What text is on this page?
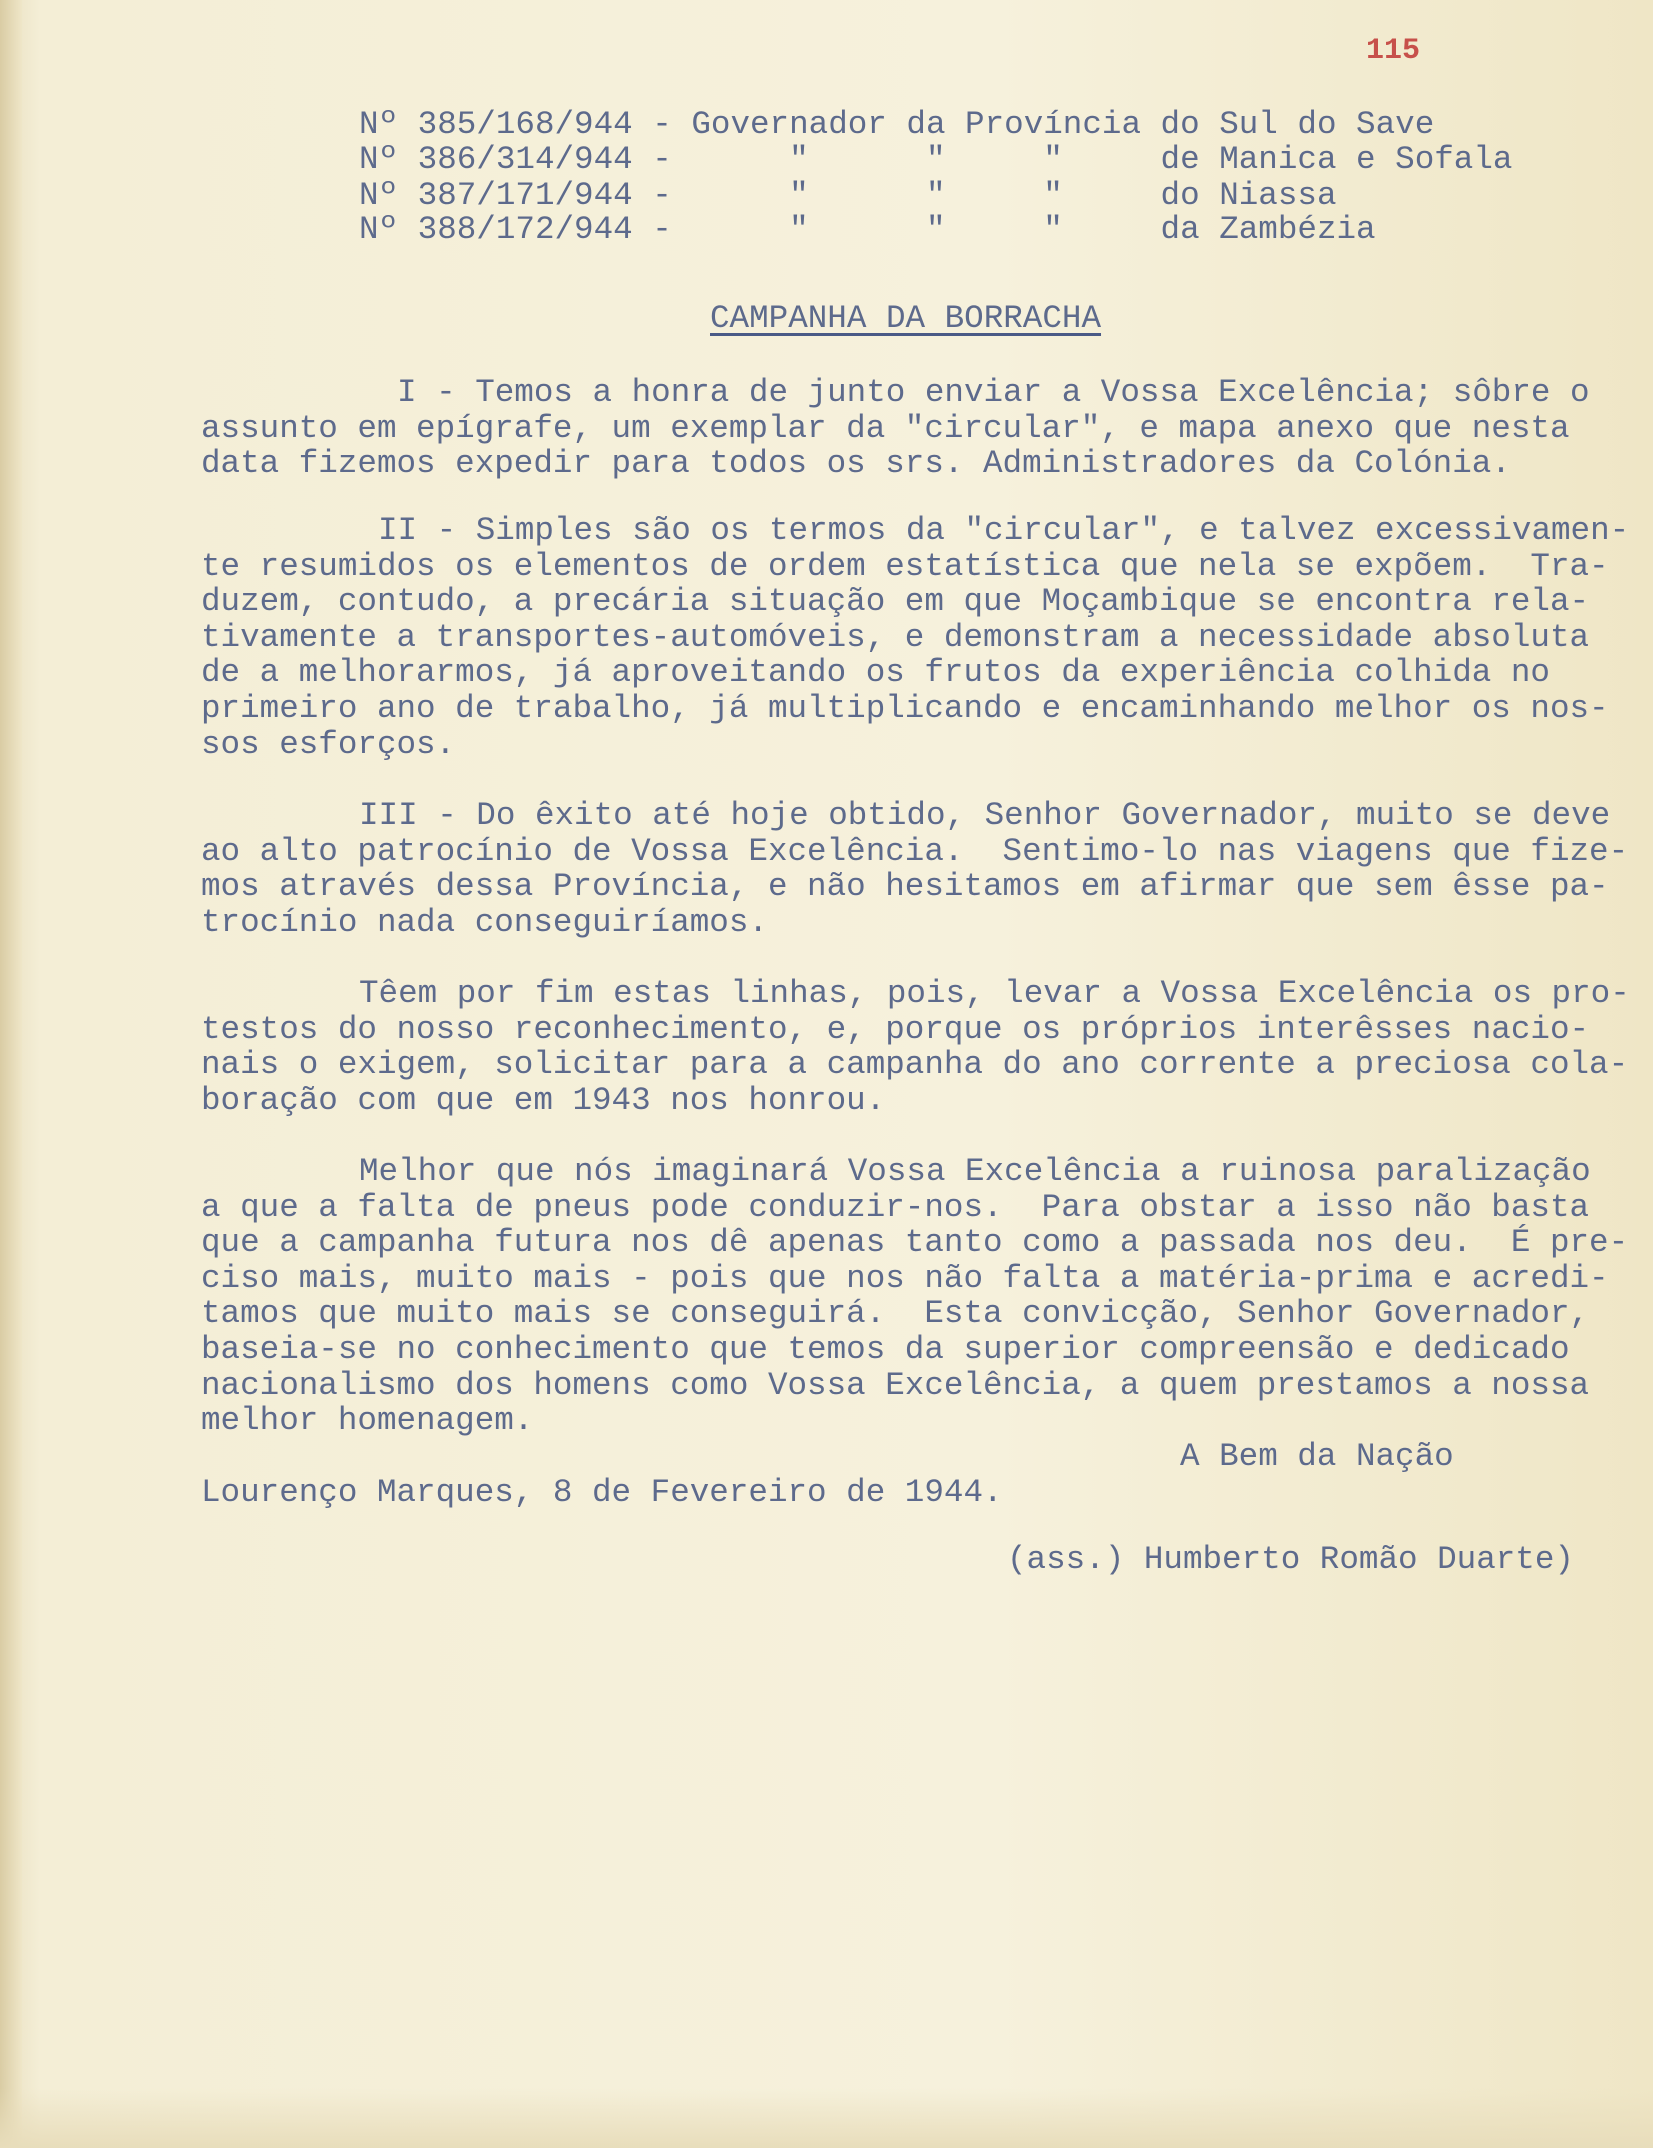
115
Nº 385/168/944 - Governador da Província do Sul do Save
Nº 386/314/944 -      "      "     "     de Manica e Sofala
Nº 387/171/944 -      "      "     "     do Niassa
Nº 388/172/944 -      "      "     "     da Zambézia
CAMPANHA DA BORRACHA
I - Temos a honra de junto enviar a Vossa Excelência; sôbre o
assunto em epígrafe, um exemplar da "circular", e mapa anexo que nesta
data fizemos expedir para todos os srs. Administradores da Colónia.
II - Simples são os termos da "circular", e talvez excessivamen-
te resumidos os elementos de ordem estatística que nela se expõem.  Tra-
duzem, contudo, a precária situação em que Moçambique se encontra rela-
tivamente a transportes-automóveis, e demonstram a necessidade absoluta
de a melhorarmos, já aproveitando os frutos da experiência colhida no
primeiro ano de trabalho, já multiplicando e encaminhando melhor os nos-
sos esforços.
III - Do êxito até hoje obtido, Senhor Governador, muito se deve
ao alto patrocínio de Vossa Excelência.  Sentimo-lo nas viagens que fize-
mos através dessa Província, e não hesitamos em afirmar que sem êsse pa-
trocínio nada conseguiríamos.
Têem por fim estas linhas, pois, levar a Vossa Excelência os pro-
testos do nosso reconhecimento, e, porque os próprios interêsses nacio-
nais o exigem, solicitar para a campanha do ano corrente a preciosa cola-
boração com que em 1943 nos honrou.
Melhor que nós imaginará Vossa Excelência a ruinosa paralização
a que a falta de pneus pode conduzir-nos.  Para obstar a isso não basta
que a campanha futura nos dê apenas tanto como a passada nos deu.  É pre-
ciso mais, muito mais - pois que nos não falta a matéria-prima e acredi-
tamos que muito mais se conseguirá.  Esta convicção, Senhor Governador,
baseia-se no conhecimento que temos da superior compreensão e dedicado
nacionalismo dos homens como Vossa Excelência, a quem prestamos a nossa
melhor homenagem.
A Bem da Nação
Lourenço Marques, 8 de Fevereiro de 1944.
(ass.) Humberto Romão Duarte)
